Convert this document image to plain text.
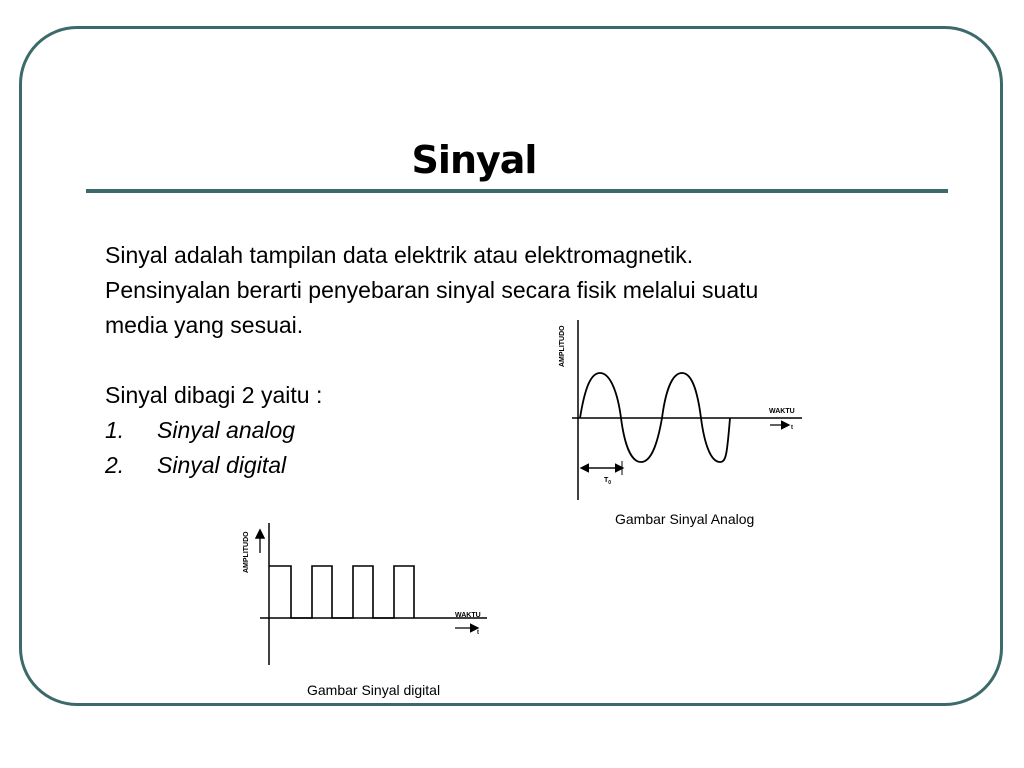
Sinyal

Sinyal adalah tampilan data elektrik atau elektromagnetik.

Pensinyalan berarti penyebaran sinyal secara fisik melalui suatu

media yang sesuai.

Sinyal dibagi 2 yaitu :

1.	Sinyal analog
2.	Sinyal digital
AMPLITUDO
WAKTU
t
$T_0$
Gambar Sinyal Analog
AMPLITUDO
WAKTU
t
Gambar Sinyal digital
